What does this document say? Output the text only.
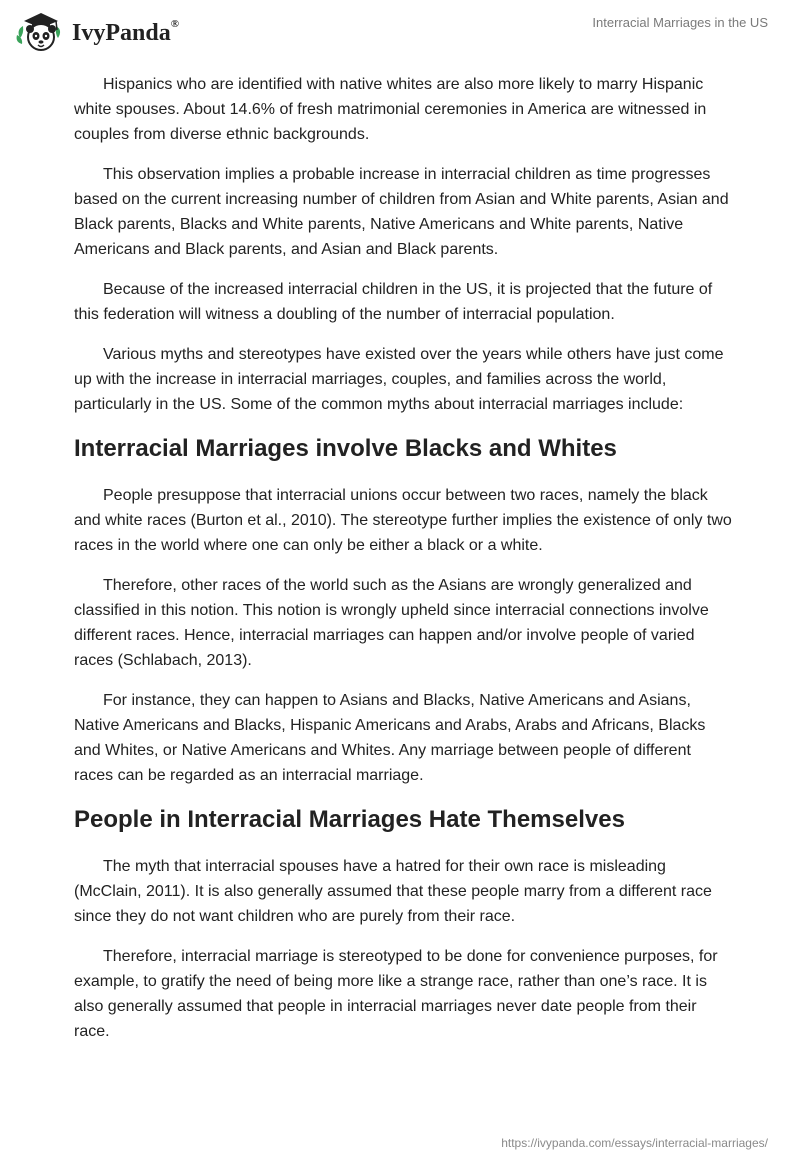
IvyPanda®	Interracial Marriages in the US

Hispanics who are identified with native whites are also more likely to marry Hispanic white spouses. About 14.6% of fresh matrimonial ceremonies in America are witnessed in couples from diverse ethnic backgrounds.

This observation implies a probable increase in interracial children as time progresses based on the current increasing number of children from Asian and White parents, Asian and Black parents, Blacks and White parents, Native Americans and White parents, Native Americans and Black parents, and Asian and Black parents.

Because of the increased interracial children in the US, it is projected that the future of this federation will witness a doubling of the number of interracial population.

Various myths and stereotypes have existed over the years while others have just come up with the increase in interracial marriages, couples, and families across the world, particularly in the US. Some of the common myths about interracial marriages include:

Interracial Marriages involve Blacks and Whites

People presuppose that interracial unions occur between two races, namely the black and white races (Burton et al., 2010). The stereotype further implies the existence of only two races in the world where one can only be either a black or a white.

Therefore, other races of the world such as the Asians are wrongly generalized and classified in this notion. This notion is wrongly upheld since interracial connections involve different races. Hence, interracial marriages can happen and/or involve people of varied races (Schlabach, 2013).

For instance, they can happen to Asians and Blacks, Native Americans and Asians, Native Americans and Blacks, Hispanic Americans and Arabs, Arabs and Africans, Blacks and Whites, or Native Americans and Whites. Any marriage between people of different races can be regarded as an interracial marriage.

People in Interracial Marriages Hate Themselves

The myth that interracial spouses have a hatred for their own race is misleading (McClain, 2011). It is also generally assumed that these people marry from a different race since they do not want children who are purely from their race.

Therefore, interracial marriage is stereotyped to be done for convenience purposes, for example, to gratify the need of being more like a strange race, rather than one’s race. It is also generally assumed that people in interracial marriages never date people from their race.

https://ivypanda.com/essays/interracial-marriages/
